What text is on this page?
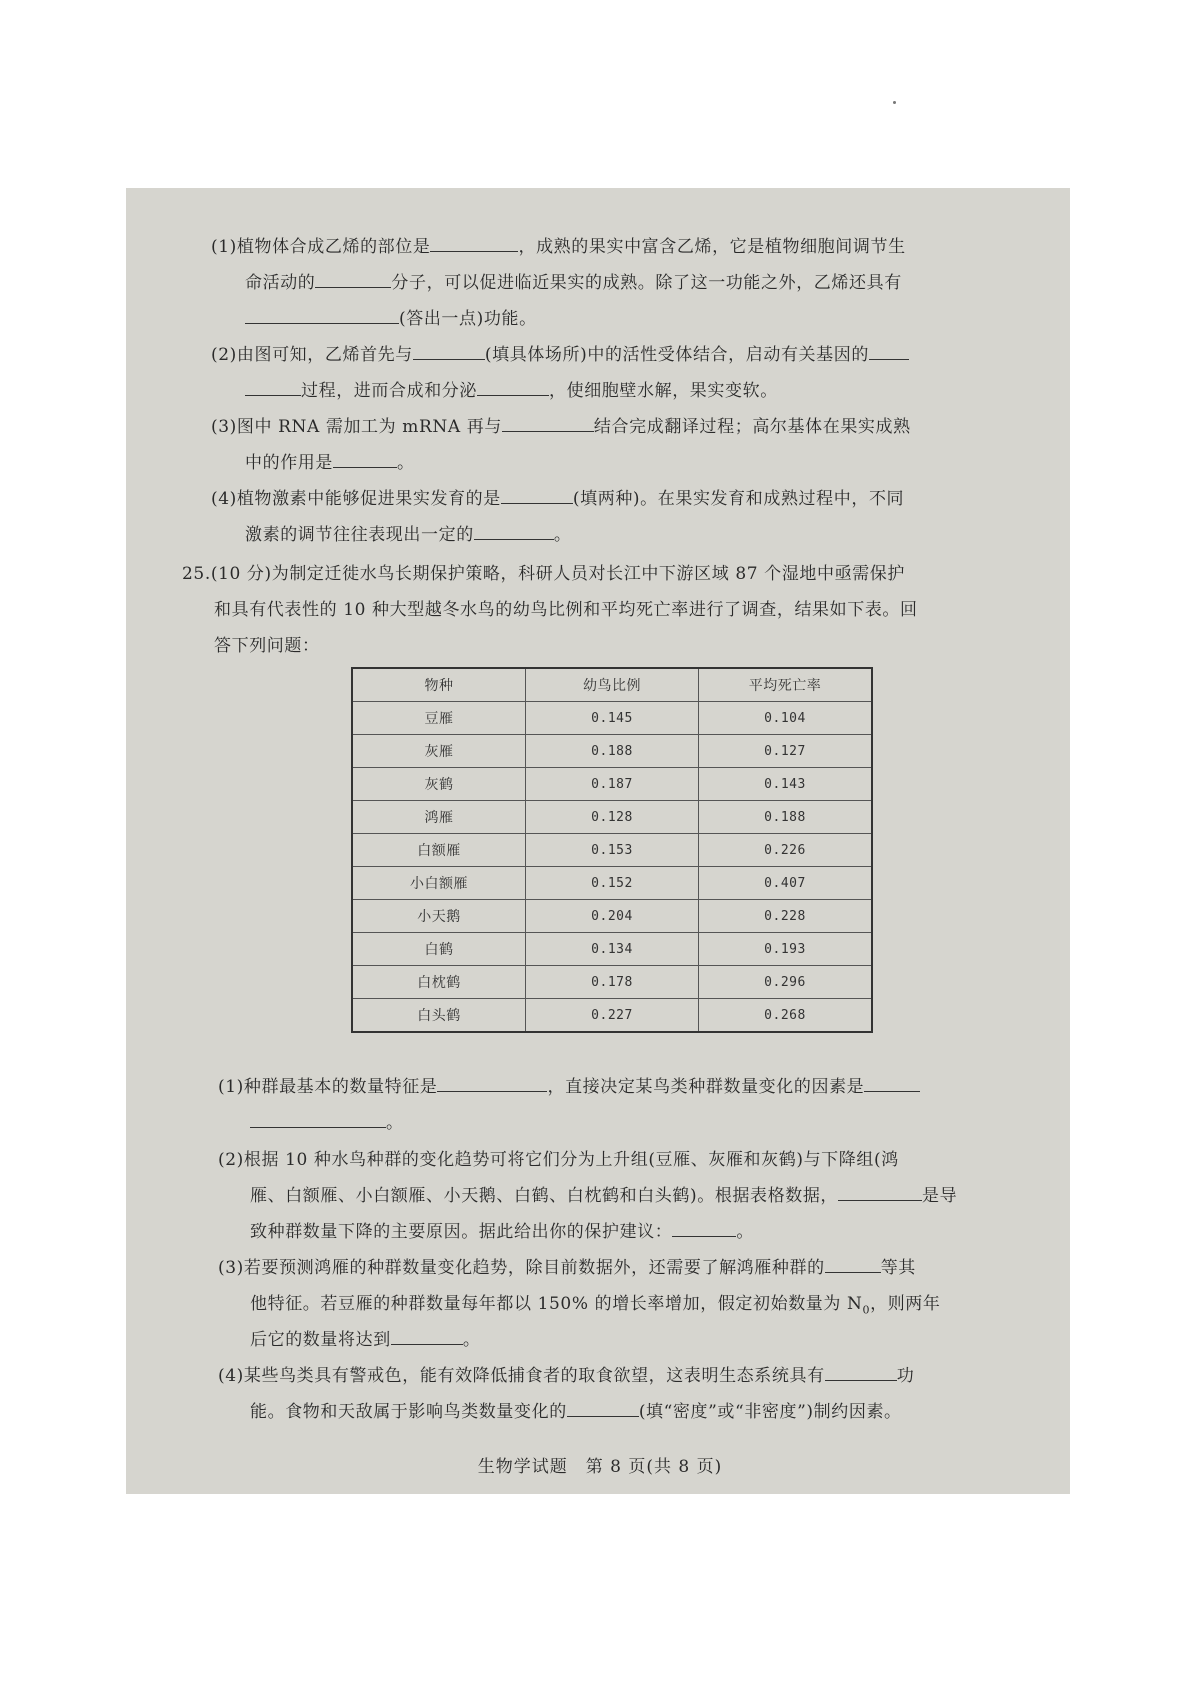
(1)植物体合成乙烯的部位是	，成熟的果实中富含乙烯，它是植物细胞间调节生
命活动的	分子，可以促进临近果实的成熟。除了这一功能之外，乙烯还具有
(答出一点)功能。
(2)由图可知，乙烯首先与	(填具体场所)中的活性受体结合，启动有关基因的
过程，进而合成和分泌	，使细胞壁水解，果实变软。
(3)图中 RNA 需加工为 mRNA 再与	结合完成翻译过程；高尔基体在果实成熟
中的作用是	。
(4)植物激素中能够促进果实发育的是	(填两种)。在果实发育和成熟过程中，不同
激素的调节往往表现出一定的	。
25.(10 分)为制定迁徙水鸟长期保护策略，科研人员对长江中下游区域 87 个湿地中亟需保护
和具有代表性的 10 种大型越冬水鸟的幼鸟比例和平均死亡率进行了调查，结果如下表。回
答下列问题：
物种	幼鸟比例	平均死亡率
豆雁	0.145	0.104
灰雁	0.188	0.127
灰鹤	0.187	0.143
鸿雁	0.128	0.188
白额雁	0.153	0.226
小白额雁	0.152	0.407
小天鹅	0.204	0.228
白鹤	0.134	0.193
白枕鹤	0.178	0.296
白头鹤	0.227	0.268
(1)种群最基本的数量特征是	，直接决定某鸟类种群数量变化的因素是
。
(2)根据 10 种水鸟种群的变化趋势可将它们分为上升组(豆雁、灰雁和灰鹤)与下降组(鸿
雁、白额雁、小白额雁、小天鹅、白鹤、白枕鹤和白头鹤)。根据表格数据，	是导
致种群数量下降的主要原因。据此给出你的保护建议：	。
(3)若要预测鸿雁的种群数量变化趋势，除目前数据外，还需要了解鸿雁种群的	等其
他特征。若豆雁的种群数量每年都以 150% 的增长率增加，假定初始数量为 $N_0$，则两年
后它的数量将达到	。
(4)某些鸟类具有警戒色，能有效降低捕食者的取食欲望，这表明生态系统具有	功
能。食物和天敌属于影响鸟类数量变化的	(填“密度”或“非密度”)制约因素。
生物学试题　第 8 页(共 8 页)
